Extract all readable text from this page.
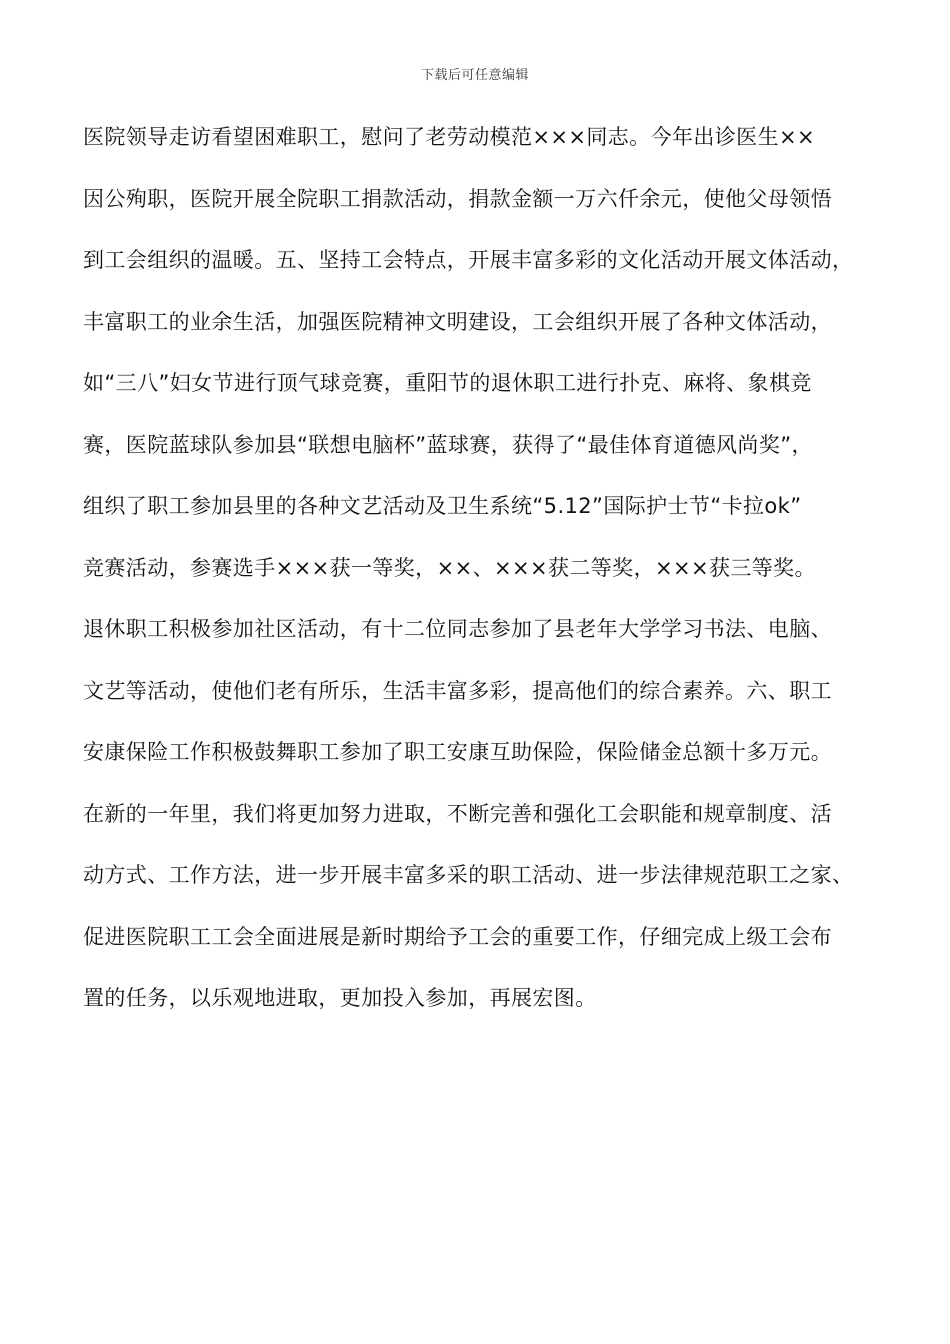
下载后可任意编辑
医院领导走访看望困难职工，慰问了老劳动模范×××同志。今年出诊医生××
因公殉职，医院开展全院职工捐款活动，捐款金额一万六仟余元，使他父母领悟
到工会组织的温暖。五、坚持工会特点，开展丰富多彩的文化活动开展文体活动，
丰富职工的业余生活，加强医院精神文明建设，工会组织开展了各种文体活动，
如“三八”妇女节进行顶气球竞赛，重阳节的退休职工进行扑克、麻将、象棋竞
赛，医院蓝球队参加县“联想电脑杯”蓝球赛，获得了“最佳体育道德风尚奖”，
组织了职工参加县里的各种文艺活动及卫生系统“5.12”国际护士节“卡拉ok”
竞赛活动，参赛选手×××获一等奖，××、×××获二等奖，×××获三等奖。
退休职工积极参加社区活动，有十二位同志参加了县老年大学学习书法、电脑、
文艺等活动，使他们老有所乐，生活丰富多彩，提高他们的综合素养。六、职工
安康保险工作积极鼓舞职工参加了职工安康互助保险，保险储金总额十多万元。
在新的一年里，我们将更加努力进取，不断完善和强化工会职能和规章制度、活
动方式、工作方法，进一步开展丰富多采的职工活动、进一步法律规范职工之家、
促进医院职工工会全面进展是新时期给予工会的重要工作，仔细完成上级工会布
置的任务，以乐观地进取，更加投入参加，再展宏图。
